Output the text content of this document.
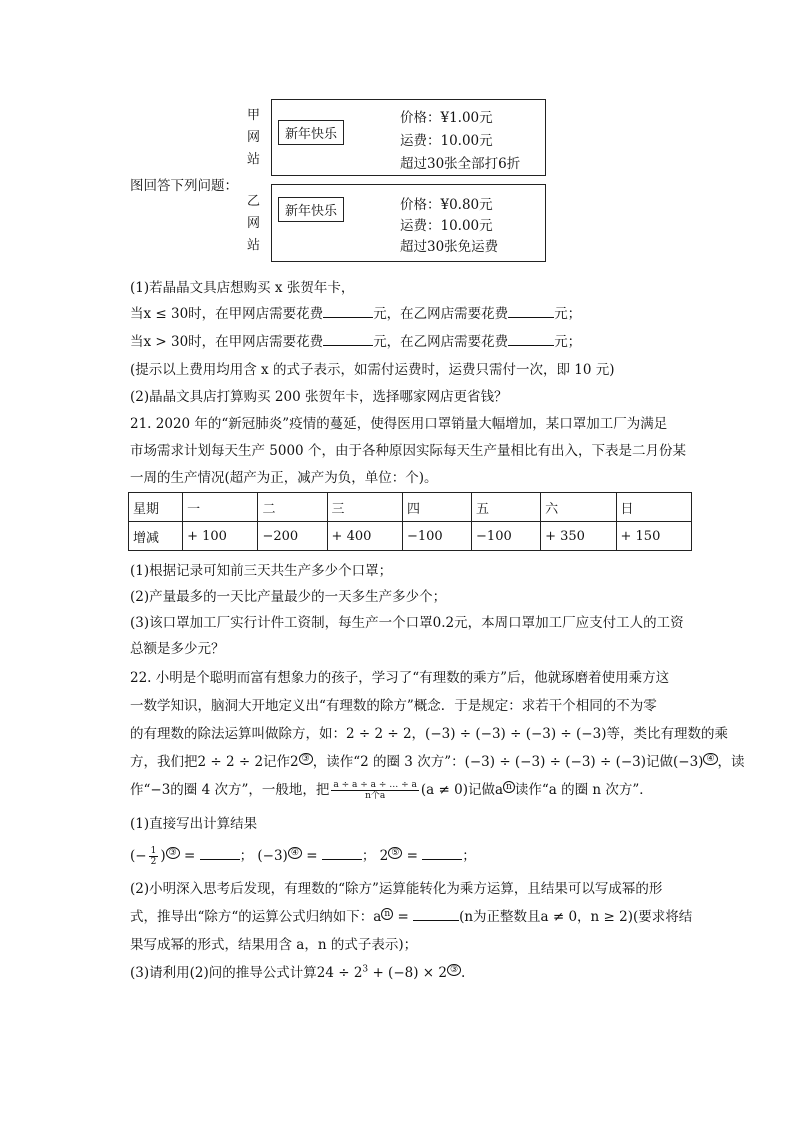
甲
网
站
新年快乐
价格：¥1.00元
运费：10.00元
超过30张全部打6折
图回答下列问题：
乙
网
站
新年快乐	价格：¥0.80元
运费：10.00元
超过30张免运费
(1)若晶晶文具店想购买 x 张贺年卡，
当x ≤ 30时，在甲网店需要花费	元，在乙网店需要花费	元；
当x > 30时，在甲网店需要花费	元，在乙网店需要花费	元；
(提示以上费用均用含 x 的式子表示，如需付运费时，运费只需付一次，即 10 元)
(2)晶晶文具店打算购买 200 张贺年卡，选择哪家网店更省钱？
21. 2020 年的“新冠肺炎”疫情的蔓延，使得医用口罩销量大幅增加，某口罩加工厂为满足
市场需求计划每天生产 5000 个，由于各种原因实际每天生产量相比有出入，下表是二月份某
一周的生产情况(超产为正，减产为负，单位：个)。
星期	一	二	三	四	五	六	日
增减	+ 100	−200	+ 400	−100	−100	+ 350	+ 150
(1)根据记录可知前三天共生产多少个口罩；
(2)产量最多的一天比产量最少的一天多生产多少个；
(3)该口罩加工厂实行计件工资制，每生产一个口罩0.2元，本周口罩加工厂应支付工人的工资
总额是多少元？
22. 小明是个聪明而富有想象力的孩子，学习了“有理数的乘方”后，他就琢磨着使用乘方这
一数学知识，脑洞大开地定义出“有理数的除方”概念．于是规定：求若干个相同的不为零
的有理数的除法运算叫做除方，如：2 ÷ 2 ÷ 2，(−3) ÷ (−3) ÷ (−3) ÷ (−3)等，类比有理数的乘
方，我们把2 ÷ 2 ÷ 2记作2 ③ ，读作“2 的圈 3 次方”：(−3) ÷ (−3) ÷ (−3) ÷ (−3)记做(−3) ④ ，读
作“−3的圈 4 次方”，一般地，把 $\frac{a \div a \div a \div \dots \div a}{\text{n个a}} (a \ne 0)$记做a $^n$ 读作“a 的圈 n 次方”．
(1)直接写出计算结果
(− $\frac{1}{2}$ ) ③ =	； (−3) ④ =	； 2 ⑤ =	；
(2)小明深入思考后发现，有理数的“除方”运算能转化为乘方运算，且结果可以写成幂的形
式，推导出“除方“的运算公式归纳如下：a $^n$ =	(n为正整数且a ≠ 0，n ≥ 2)(要求将结
果写成幂的形式，结果用含 a，n 的式子表示)；
(3)请利用(2)问的推导公式计算$24 \div 2^3 + (-8) \times 2$ ③ .
